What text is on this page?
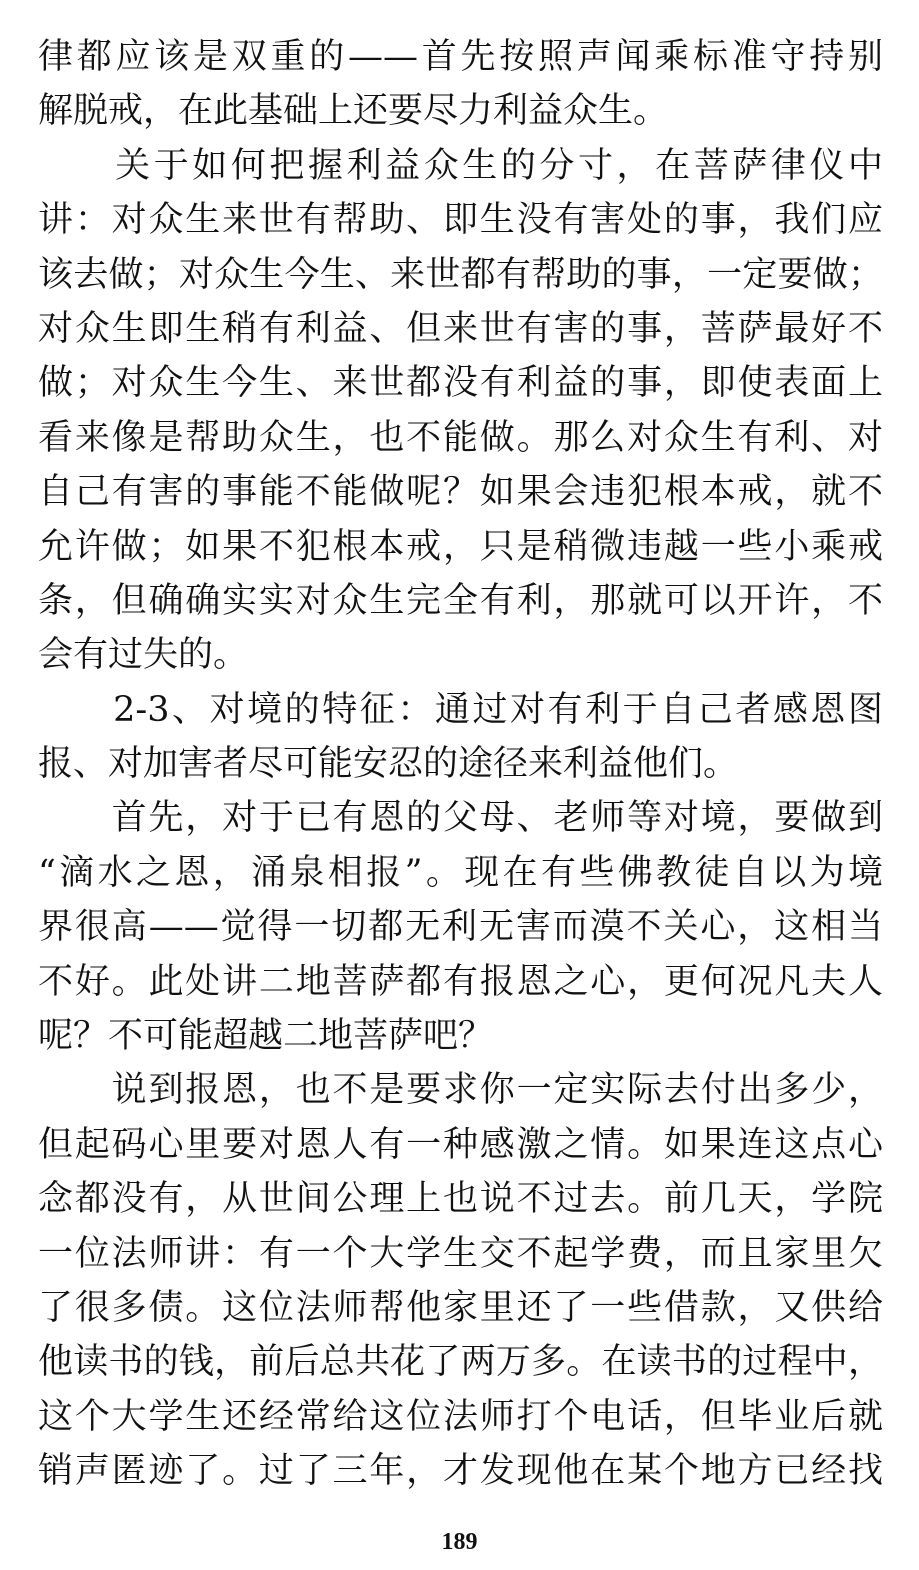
律都应该是双重的——首先按照声闻乘标准守持别
解脱戒，在此基础上还要尽力利益众生。
　　关于如何把握利益众生的分寸，在菩萨律仪中
讲：对众生来世有帮助、即生没有害处的事，我们应
该去做；对众生今生、来世都有帮助的事，一定要做；
对众生即生稍有利益、但来世有害的事，菩萨最好不
做；对众生今生、来世都没有利益的事，即使表面上
看来像是帮助众生，也不能做。那么对众生有利、对
自己有害的事能不能做呢？如果会违犯根本戒，就不
允许做；如果不犯根本戒，只是稍微违越一些小乘戒
条，但确确实实对众生完全有利，那就可以开许，不
会有过失的。
　　2-3、对境的特征：通过对有利于自己者感恩图
报、对加害者尽可能安忍的途径来利益他们。
　　首先，对于已有恩的父母、老师等对境，要做到
“滴水之恩，涌泉相报”。现在有些佛教徒自以为境
界很高——觉得一切都无利无害而漠不关心，这相当
不好。此处讲二地菩萨都有报恩之心，更何况凡夫人
呢？不可能超越二地菩萨吧？
　　说到报恩，也不是要求你一定实际去付出多少，
但起码心里要对恩人有一种感激之情。如果连这点心
念都没有，从世间公理上也说不过去。前几天，学院
一位法师讲：有一个大学生交不起学费，而且家里欠
了很多债。这位法师帮他家里还了一些借款，又供给
他读书的钱，前后总共花了两万多。在读书的过程中，
这个大学生还经常给这位法师打个电话，但毕业后就
销声匿迹了。过了三年，才发现他在某个地方已经找
189
